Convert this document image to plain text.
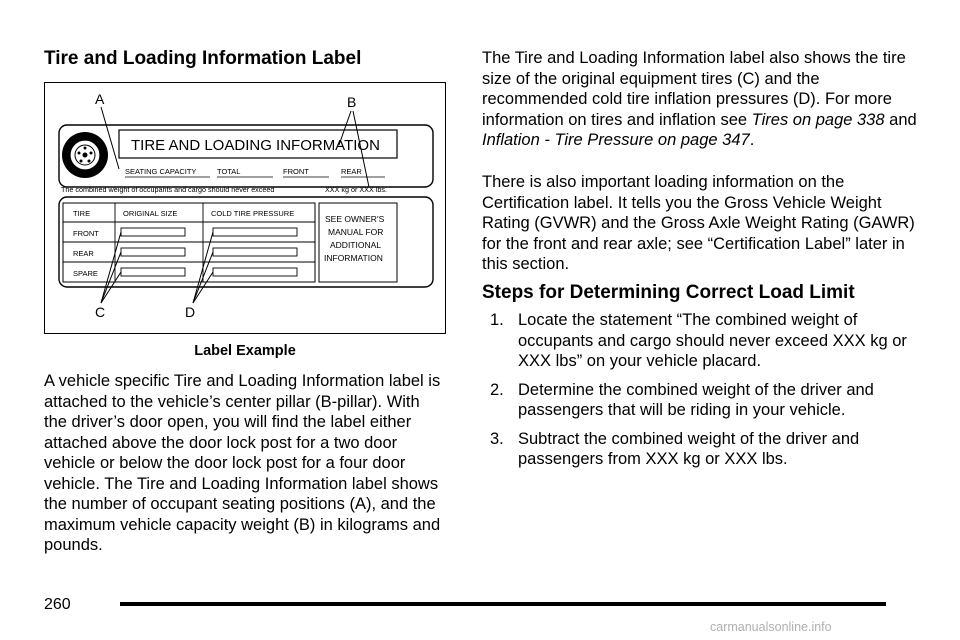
Tire and Loading Information Label
TIRE AND LOADING INFORMATION
SEATING CAPACITY	TOTAL	FRONT	REAR
The combined weight of occupants and cargo should never exceed	XXX kg or XXX lbs.
TIRE	ORIGINAL SIZE	COLD TIRE PRESSURE
FRONT
REAR
SPARE
SEE OWNER'S
MANUAL FOR
ADDITIONAL
INFORMATION
A	B
C	D
Label Example

A vehicle specific Tire and Loading Information label is attached to the vehicle’s center pillar (B-pillar). With the driver’s door open, you will find the label either attached above the door lock post for a two door vehicle or below the door lock post for a four door vehicle. The Tire and Loading Information label shows the number of occupant seating positions (A), and the maximum vehicle capacity weight (B) in kilograms and pounds.

The Tire and Loading Information label also shows the tire size of the original equipment tires (C) and the recommended cold tire inflation pressures (D). For more information on tires and inflation see Tires on page 338 and Inflation - Tire Pressure on page 347.

There is also important loading information on the Certification label. It tells you the Gross Vehicle Weight Rating (GVWR) and the Gross Axle Weight Rating (GAWR) for the front and rear axle; see “Certification Label” later in this section.

Steps for Determining Correct Load Limit
1. Locate the statement “The combined weight of occupants and cargo should never exceed XXX kg or XXX lbs” on your vehicle placard.
2. Determine the combined weight of the driver and passengers that will be riding in your vehicle.
3. Subtract the combined weight of the driver and passengers from XXX kg or XXX lbs.
260
carmanualsonline.info
